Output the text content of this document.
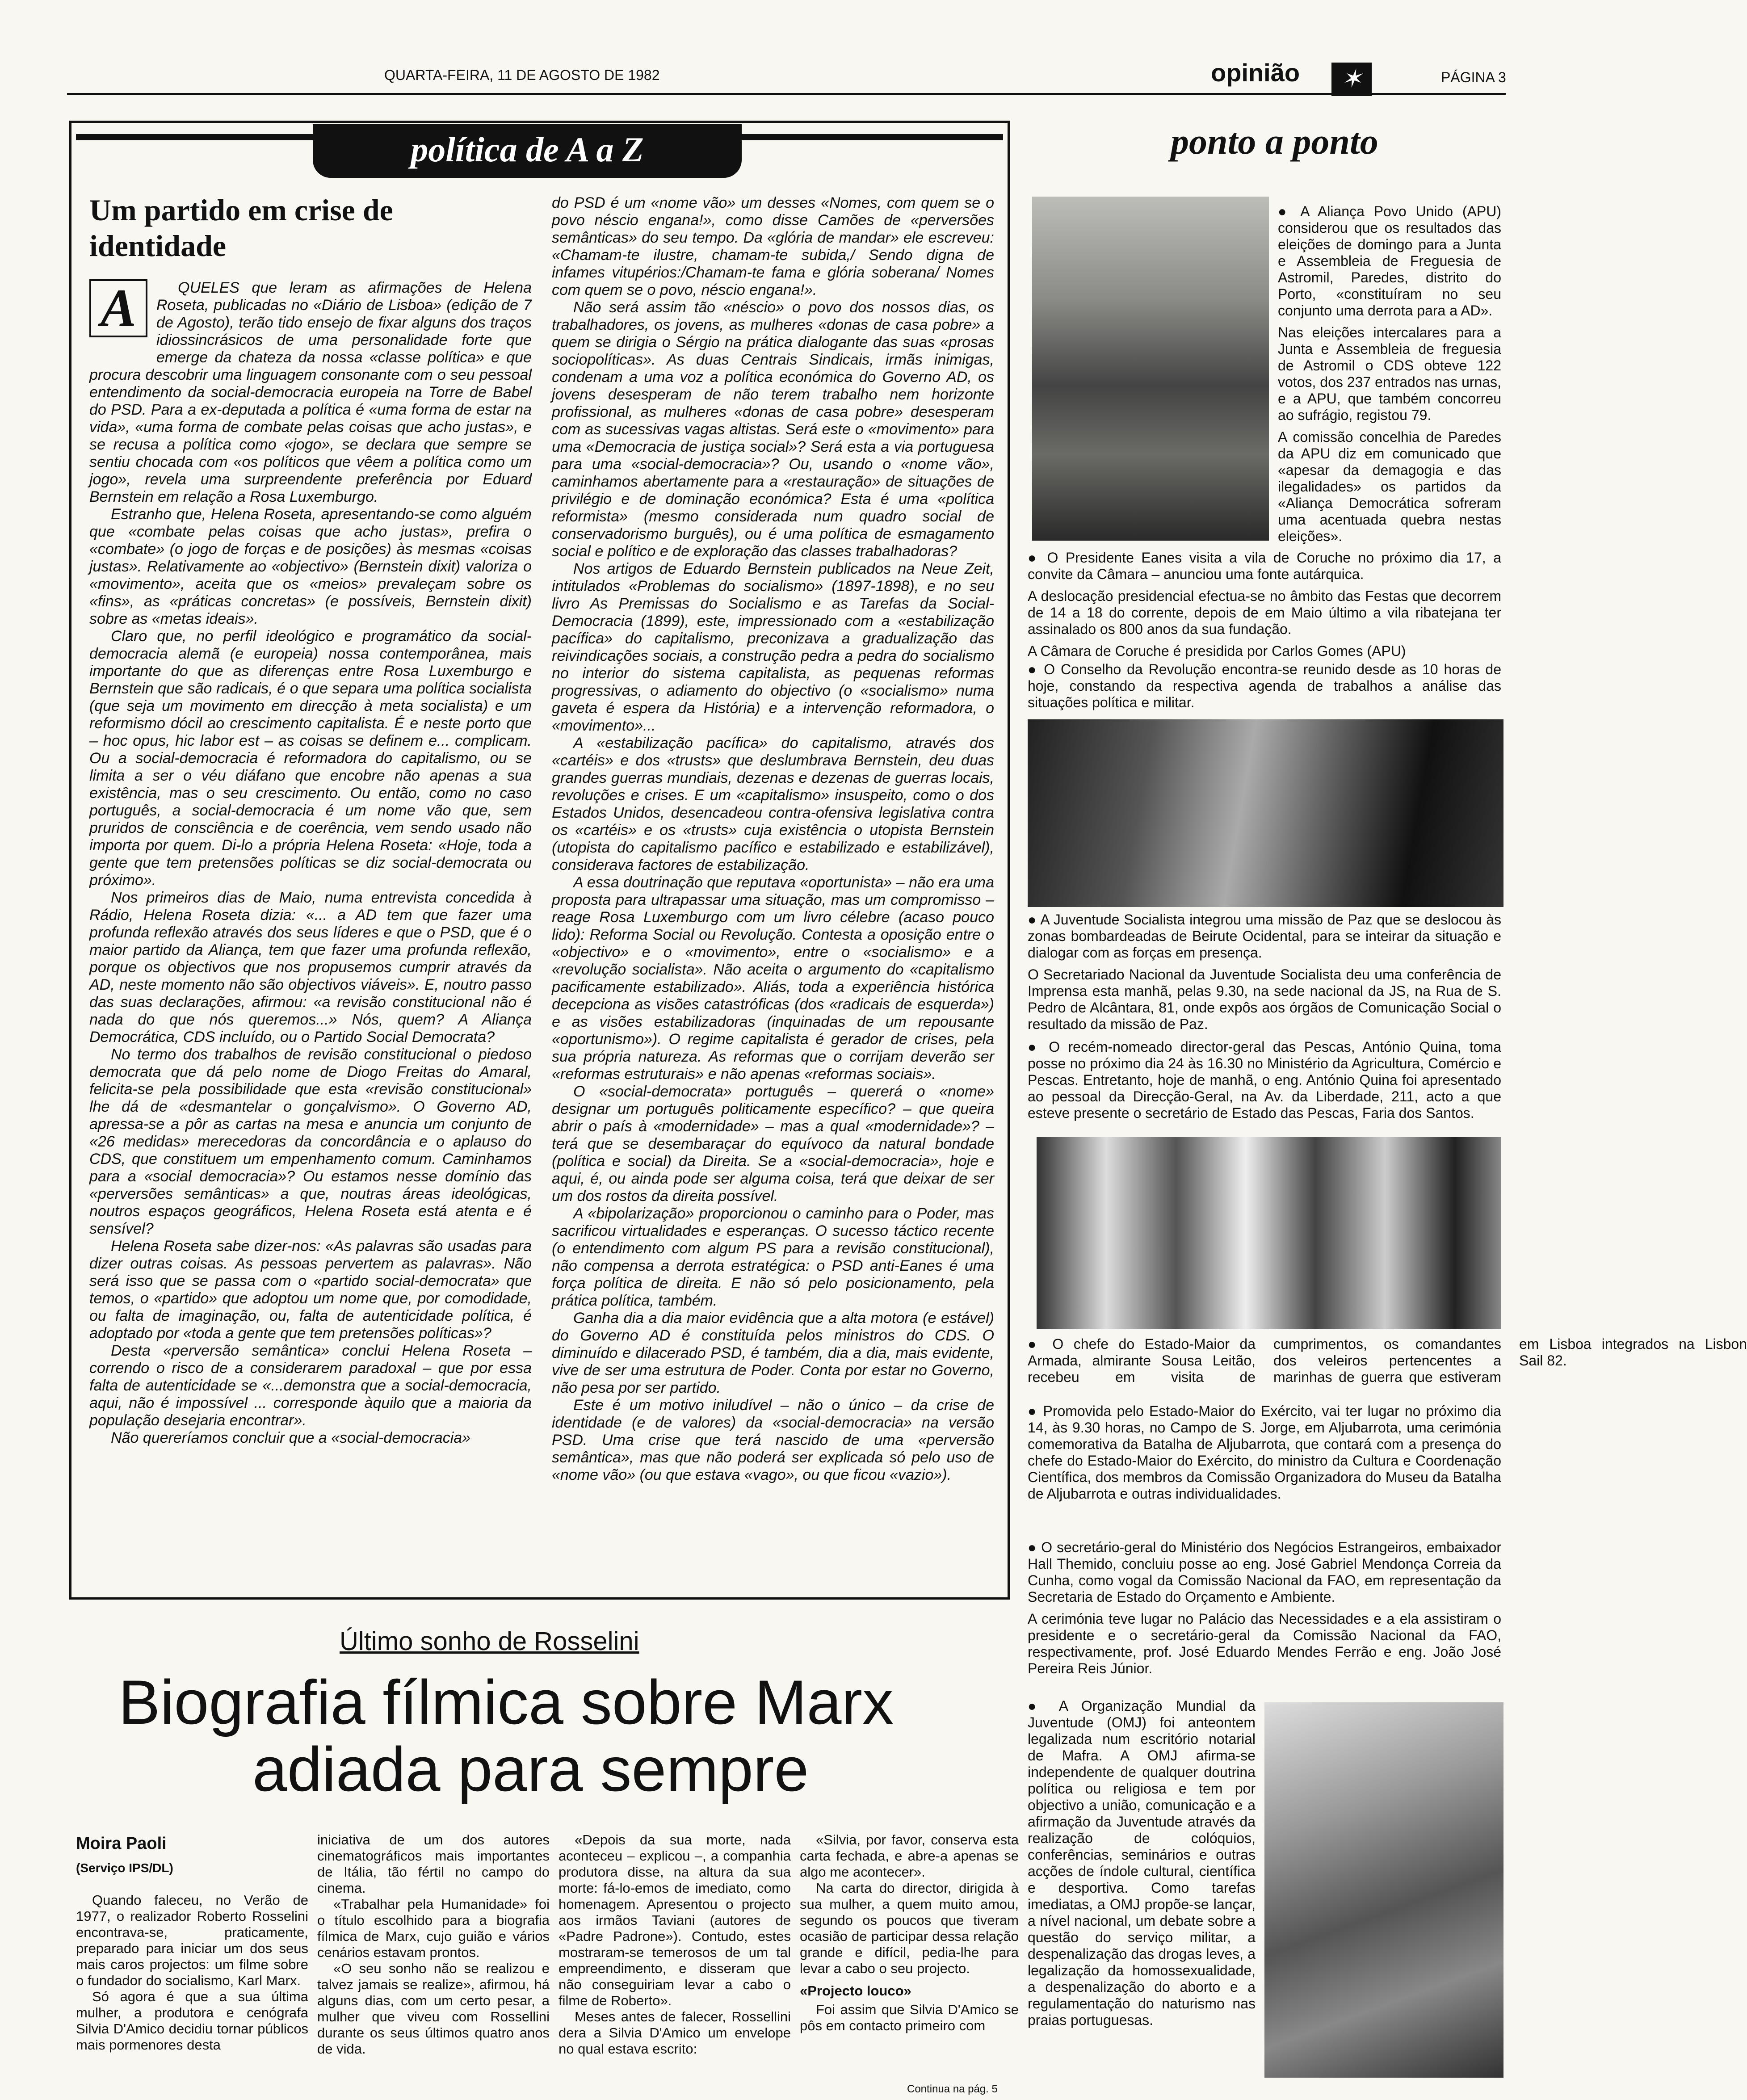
QUARTA-FEIRA, 11 DE AGOSTO DE 1982	opinião	✶	PÁGINA 3
política de A a Z
Um partido em crise de identidade
A	QUELES que leram as afirmações de Helena Roseta, publicadas no «Diário de Lisboa» (edição de 7 de Agosto), terão tido ensejo de fixar alguns dos traços idiossincrásicos de uma personalidade forte que emerge da chateza da nossa «classe política» e que procura descobrir uma linguagem consonante com o seu pessoal entendimento da social-democracia europeia na Torre de Babel do PSD. Para a ex-deputada a política é «uma forma de estar na vida», «uma forma de combate pelas coisas que acho justas», e se recusa a política como «jogo», se declara que sempre se sentiu chocada com «os políticos que vêem a política como um jogo», revela uma surpreendente preferência por Eduard Bernstein em relação a Rosa Luxemburgo.

Estranho que, Helena Roseta, apresentando-se como alguém que «combate pelas coisas que acho justas», prefira o «combate» (o jogo de forças e de posições) às mesmas «coisas justas». Relativamente ao «objectivo» (Bernstein dixit) valoriza o «movimento», aceita que os «meios» prevaleçam sobre os «fins», as «práticas concretas» (e possíveis, Bernstein dixit) sobre as «metas ideais».

Claro que, no perfil ideológico e programático da social-democracia alemã (e europeia) nossa contemporânea, mais importante do que as diferenças entre Rosa Luxemburgo e Bernstein que são radicais, é o que separa uma política socialista (que seja um movimento em direcção à meta socialista) e um reformismo dócil ao crescimento capitalista. É e neste porto que – hoc opus, hic labor est – as coisas se definem e... complicam. Ou a social-democracia é reformadora do capitalismo, ou se limita a ser o véu diáfano que encobre não apenas a sua existência, mas o seu crescimento. Ou então, como no caso português, a social-democracia é um nome vão que, sem pruridos de consciência e de coerência, vem sendo usado não importa por quem. Di-lo a própria Helena Roseta: «Hoje, toda a gente que tem pretensões políticas se diz social-democrata ou próximo».

Nos primeiros dias de Maio, numa entrevista concedida à Rádio, Helena Roseta dizia: «... a AD tem que fazer uma profunda reflexão através dos seus líderes e que o PSD, que é o maior partido da Aliança, tem que fazer uma profunda reflexão, porque os objectivos que nos propusemos cumprir através da AD, neste momento não são objectivos viáveis». E, noutro passo das suas declarações, afirmou: «a revisão constitucional não é nada do que nós queremos...» Nós, quem? A Aliança Democrática, CDS incluído, ou o Partido Social Democrata?

No termo dos trabalhos de revisão constitucional o piedoso democrata que dá pelo nome de Diogo Freitas do Amaral, felicita-se pela possibilidade que esta «revisão constitucional» lhe dá de «desmantelar o gonçalvismo». O Governo AD, apressa-se a pôr as cartas na mesa e anuncia um conjunto de «26 medidas» merecedoras da concordância e o aplauso do CDS, que constituem um empenhamento comum. Caminhamos para a «social democracia»? Ou estamos nesse domínio das «perversões semânticas» a que, noutras áreas ideológicas, noutros espaços geográficos, Helena Roseta está atenta e é sensível?

Helena Roseta sabe dizer-nos: «As palavras são usadas para dizer outras coisas. As pessoas pervertem as palavras». Não será isso que se passa com o «partido social-democrata» que temos, o «partido» que adoptou um nome que, por comodidade, ou falta de imaginação, ou, falta de autenticidade política, é adoptado por «toda a gente que tem pretensões políticas»?

Desta «perversão semântica» conclui Helena Roseta – correndo o risco de a considerarem paradoxal – que por essa falta de autenticidade se «...demonstra que a social-democracia, aqui, não é impossível ... corresponde àquilo que a maioria da população desejaria encontrar».

Não quereríamos concluir que a «social-democracia»

do PSD é um «nome vão» um desses «Nomes, com quem se o povo néscio engana!», como disse Camões de «perversões semânticas» do seu tempo. Da «glória de mandar» ele escreveu: «Chamam-te ilustre, chamam-te subida,/ Sendo digna de infames vitupérios:/Chamam-te fama e glória soberana/ Nomes com quem se o povo, néscio engana!».

Não será assim tão «néscio» o povo dos nossos dias, os trabalhadores, os jovens, as mulheres «donas de casa pobre» a quem se dirigia o Sérgio na prática dialogante das suas «prosas sociopolíticas». As duas Centrais Sindicais, irmãs inimigas, condenam a uma voz a política económica do Governo AD, os jovens desesperam de não terem trabalho nem horizonte profissional, as mulheres «donas de casa pobre» desesperam com as sucessivas vagas altistas. Será este o «movimento» para uma «Democracia de justiça social»? Será esta a via portuguesa para uma «social-democracia»? Ou, usando o «nome vão», caminhamos abertamente para a «restauração» de situações de privilégio e de dominação económica? Esta é uma «política reformista» (mesmo considerada num quadro social de conservadorismo burguês), ou é uma política de esmagamento social e político e de exploração das classes trabalhadoras?

Nos artigos de Eduardo Bernstein publicados na Neue Zeit, intitulados «Problemas do socialismo» (1897-1898), e no seu livro As Premissas do Socialismo e as Tarefas da Social-Democracia (1899), este, impressionado com a «estabilização pacífica» do capitalismo, preconizava a gradualização das reivindicações sociais, a construção pedra a pedra do socialismo no interior do sistema capitalista, as pequenas reformas progressivas, o adiamento do objectivo (o «socialismo» numa gaveta é espera da História) e a intervenção reformadora, o «movimento»...

A «estabilização pacífica» do capitalismo, através dos «cartéis» e dos «trusts» que deslumbrava Bernstein, deu duas grandes guerras mundiais, dezenas e dezenas de guerras locais, revoluções e crises. E um «capitalismo» insuspeito, como o dos Estados Unidos, desencadeou contra-ofensiva legislativa contra os «cartéis» e os «trusts» cuja existência o utopista Bernstein (utopista do capitalismo pacífico e estabilizado e estabilizável), considerava factores de estabilização.

A essa doutrinação que reputava «oportunista» – não era uma proposta para ultrapassar uma situação, mas um compromisso – reage Rosa Luxemburgo com um livro célebre (acaso pouco lido): Reforma Social ou Revolução. Contesta a oposição entre o «objectivo» e o «movimento», entre o «socialismo» e a «revolução socialista». Não aceita o argumento do «capitalismo pacificamente estabilizado». Aliás, toda a experiência histórica decepciona as visões catastróficas (dos «radicais de esquerda») e as visões estabilizadoras (inquinadas de um repousante «oportunismo»). O regime capitalista é gerador de crises, pela sua própria natureza. As reformas que o corrijam deverão ser «reformas estruturais» e não apenas «reformas sociais».

O «social-democrata» português – quererá o «nome» designar um português politicamente específico? – que queira abrir o país à «modernidade» – mas a qual «modernidade»? – terá que se desembaraçar do equívoco da natural bondade (política e social) da Direita. Se a «social-democracia», hoje e aqui, é, ou ainda pode ser alguma coisa, terá que deixar de ser um dos rostos da direita possível.

A «bipolarização» proporcionou o caminho para o Poder, mas sacrificou virtualidades e esperanças. O sucesso táctico recente (o entendimento com algum PS para a revisão constitucional), não compensa a derrota estratégica: o PSD anti-Eanes é uma força política de direita. E não só pelo posicionamento, pela prática política, também.

Ganha dia a dia maior evidência que a alta motora (e estável) do Governo AD é constituída pelos ministros do CDS. O diminuído e dilacerado PSD, é também, dia a dia, mais evidente, vive de ser uma estrutura de Poder. Conta por estar no Governo, não pesa por ser partido.

Este é um motivo iniludível – não o único – da crise de identidade (e de valores) da «social-democracia» na versão PSD. Uma crise que terá nascido de uma «perversão semântica», mas que não poderá ser explicada só pelo uso de «nome vão» (ou que estava «vago», ou que ficou «vazio»).

ponto a ponto

● A Aliança Povo Unido (APU) considerou que os resultados das eleições de domingo para a Junta e Assembleia de Freguesia de Astromil, Paredes, distrito do Porto, «constituíram no seu conjunto uma derrota para a AD».

Nas eleições intercalares para a Junta e Assembleia de freguesia de Astromil o CDS obteve 122 votos, dos 237 entrados nas urnas, e a APU, que também concorreu ao sufrágio, registou 79.

A comissão concelhia de Paredes da APU diz em comunicado que «apesar da demagogia e das ilegalidades» os partidos da «Aliança Democrática sofreram uma acentuada quebra nestas eleições».

● O Presidente Eanes visita a vila de Coruche no próximo dia 17, a convite da Câmara – anunciou uma fonte autárquica.

A deslocação presidencial efectua-se no âmbito das Festas que decorrem de 14 a 18 do corrente, depois de em Maio último a vila ribatejana ter assinalado os 800 anos da sua fundação.

A Câmara de Coruche é presidida por Carlos Gomes (APU)

● O Conselho da Revolução encontra-se reunido desde as 10 horas de hoje, constando da respectiva agenda de trabalhos a análise das situações política e militar.

● A Juventude Socialista integrou uma missão de Paz que se deslocou às zonas bombardeadas de Beirute Ocidental, para se inteirar da situação e dialogar com as forças em presença.

O Secretariado Nacional da Juventude Socialista deu uma conferência de Imprensa esta manhã, pelas 9.30, na sede nacional da JS, na Rua de S. Pedro de Alcântara, 81, onde expôs aos órgãos de Comunicação Social o resultado da missão de Paz.

● O recém-nomeado director-geral das Pescas, António Quina, toma posse no próximo dia 24 às 16.30 no Ministério da Agricultura, Comércio e Pescas. Entretanto, hoje de manhã, o eng. António Quina foi apresentado ao pessoal da Direcção-Geral, na Av. da Liberdade, 211, acto a que esteve presente o secretário de Estado das Pescas, Faria dos Santos.

● O chefe do Estado-Maior da Armada, almirante Sousa Leitão, recebeu em visita de cumprimentos, os comandantes dos veleiros pertencentes a marinhas de guerra que estiveram em Lisboa integrados na Lisbon Sail 82.

● Promovida pelo Estado-Maior do Exército, vai ter lugar no próximo dia 14, às 9.30 horas, no Campo de S. Jorge, em Aljubarrota, uma cerimónia comemorativa da Batalha de Aljubarrota, que contará com a presença do chefe do Estado-Maior do Exército, do ministro da Cultura e Coordenação Científica, dos membros da Comissão Organizadora do Museu da Batalha de Aljubarrota e outras individualidades.

● O secretário-geral do Ministério dos Negócios Estrangeiros, embaixador Hall Themido, concluiu posse ao eng. José Gabriel Mendonça Correia da Cunha, como vogal da Comissão Nacional da FAO, em representação da Secretaria de Estado do Orçamento e Ambiente.

A cerimónia teve lugar no Palácio das Necessidades e a ela assistiram o presidente e o secretário-geral da Comissão Nacional da FAO, respectivamente, prof. José Eduardo Mendes Ferrão e eng. João José Pereira Reis Júnior.

● A Organização Mundial da Juventude (OMJ) foi anteontem legalizada num escritório notarial de Mafra. A OMJ afirma-se independente de qualquer doutrina política ou religiosa e tem por objectivo a união, comunicação e a afirmação da Juventude através da realização de colóquios, conferências, seminários e outras acções de índole cultural, científica e desportiva. Como tarefas imediatas, a OMJ propõe-se lançar, a nível nacional, um debate sobre a questão do serviço militar, a despenalização das drogas leves, a legalização da homossexualidade, a despenalização do aborto e a regulamentação do naturismo nas praias portuguesas.

Último sonho de Rosselini
Biografia fílmica sobre Marx
adiada para sempre
Moira Paoli
(Serviço IPS/DL)

Quando faleceu, no Verão de 1977, o realizador Roberto Rosselini encontrava-se, praticamente, preparado para iniciar um dos seus mais caros projectos: um filme sobre o fundador do socialismo, Karl Marx.

Só agora é que a sua última mulher, a produtora e cenógrafa Silvia D'Amico decidiu tornar públicos mais pormenores desta

iniciativa de um dos autores cinematográficos mais importantes de Itália, tão fértil no campo do cinema.

«Trabalhar pela Humanidade» foi o título escolhido para a biografia fílmica de Marx, cujo guião e vários cenários estavam prontos.

«O seu sonho não se realizou e talvez jamais se realize», afirmou, há alguns dias, com um certo pesar, a mulher que viveu com Rossellini durante os seus últimos quatro anos de vida.

«Depois da sua morte, nada aconteceu – explicou –, a companhia produtora disse, na altura da sua morte: fá-lo-emos de imediato, como homenagem. Apresentou o projecto aos irmãos Taviani (autores de «Padre Padrone»). Contudo, estes mostraram-se temerosos de um tal empreendimento, e disseram que não conseguiriam levar a cabo o filme de Roberto».

Meses antes de falecer, Rossellini dera a Silvia D'Amico um envelope no qual estava escrito:

«Silvia, por favor, conserva esta carta fechada, e abre-a apenas se algo me acontecer».

Na carta do director, dirigida à sua mulher, a quem muito amou, segundo os poucos que tiveram ocasião de participar dessa relação grande e difícil, pedia-lhe para levar a cabo o seu projecto.

«Projecto louco»

Foi assim que Silvia D'Amico se pôs em contacto primeiro com

Continua na pág. 5
